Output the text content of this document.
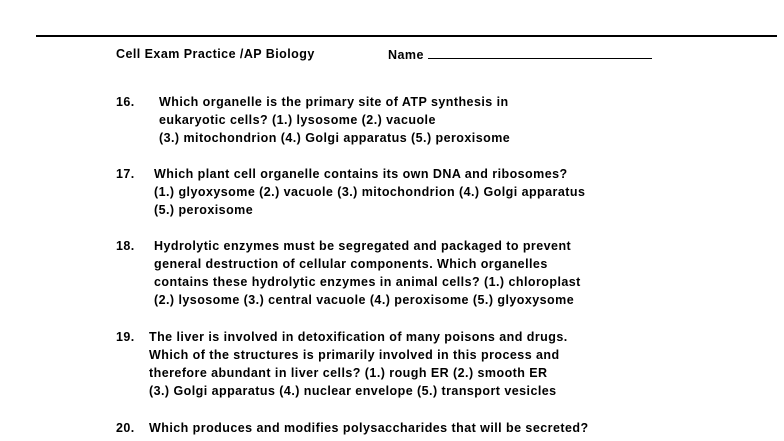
Cell Exam Practice /AP Biology	Name
16. Which organelle is the primary site of ATP synthesis in
eukaryotic cells? (1.) lysosome (2.) vacuole
(3.) mitochondrion (4.) Golgi apparatus (5.) peroxisome
17. Which plant cell organelle contains its own DNA and ribosomes?
(1.) glyoxysome (2.) vacuole (3.) mitochondrion (4.) Golgi apparatus
(5.) peroxisome
18. Hydrolytic enzymes must be segregated and packaged to prevent
general destruction of cellular components. Which organelles
contains these hydrolytic enzymes in animal cells? (1.) chloroplast
(2.) lysosome (3.) central vacuole (4.) peroxisome (5.) glyoxysome
19. The liver is involved in detoxification of many poisons and drugs.
Which of the structures is primarily involved in this process and
therefore abundant in liver cells? (1.) rough ER (2.) smooth ER
(3.) Golgi apparatus (4.) nuclear envelope (5.) transport vesicles
20. Which produces and modifies polysaccharides that will be secreted?
